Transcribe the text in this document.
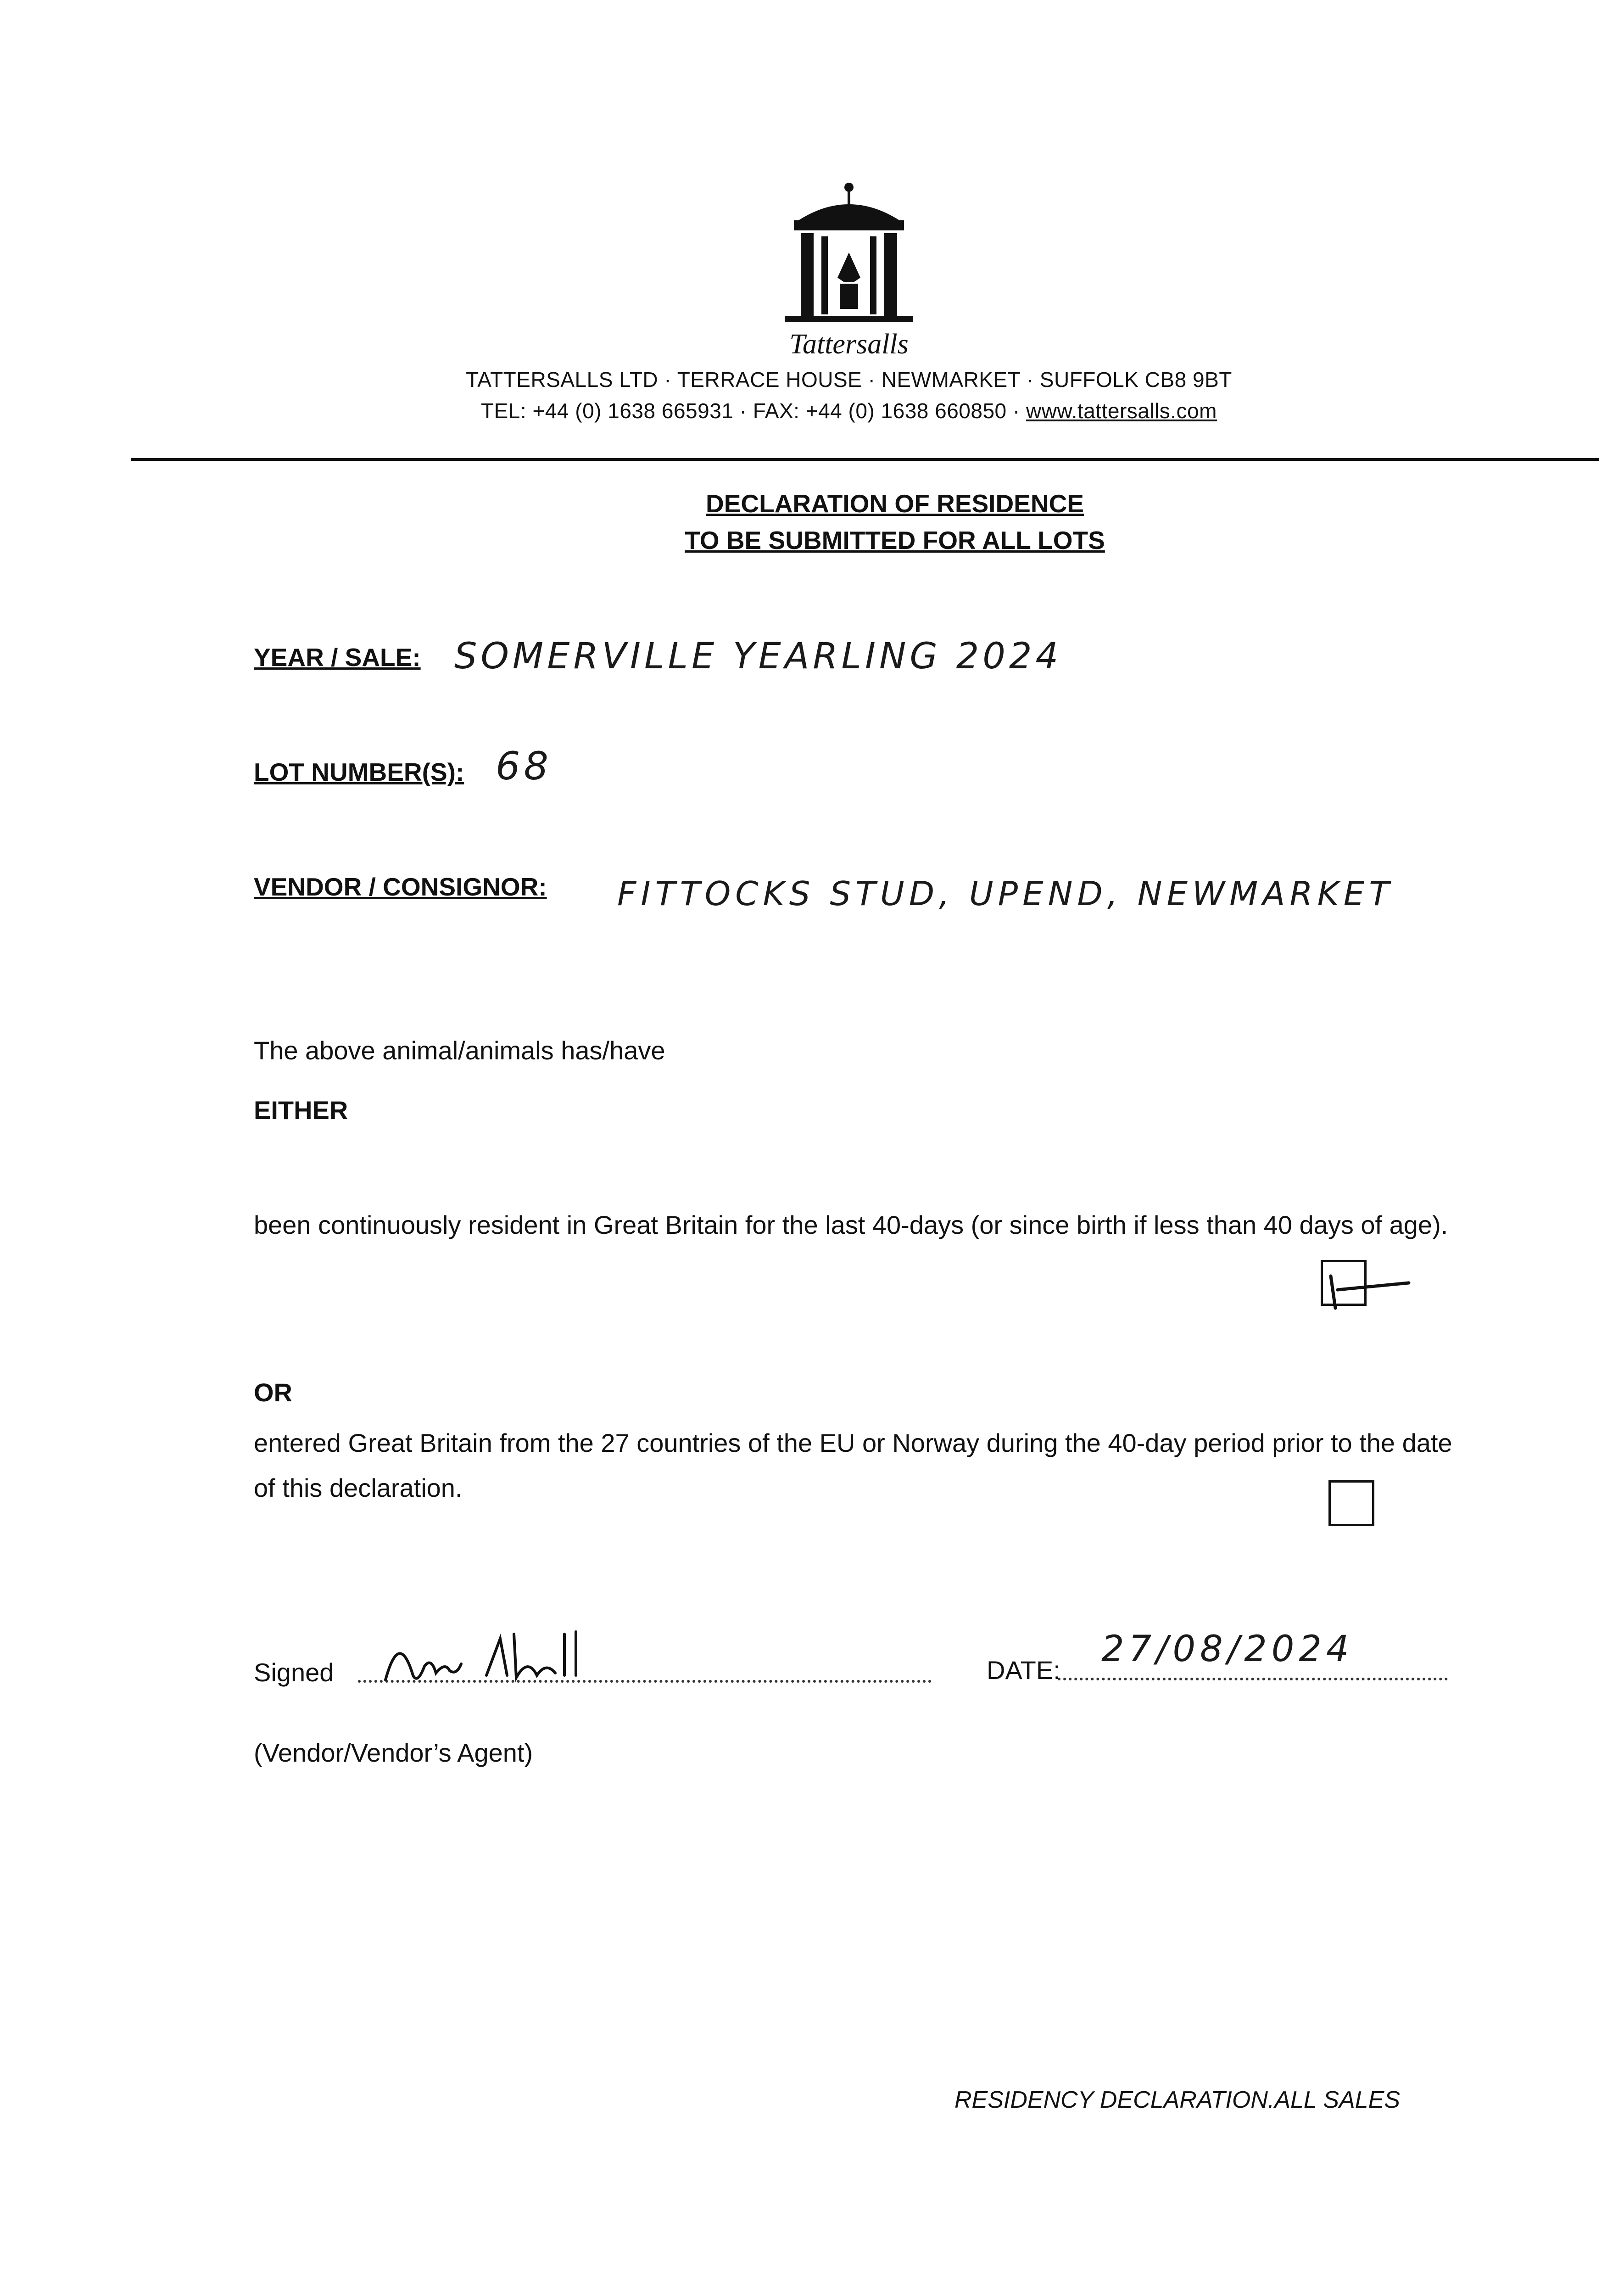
Tattersalls
TATTERSALLS LTD · TERRACE HOUSE · NEWMARKET · SUFFOLK CB8 9BT
TEL: +44 (0) 1638 665931 · FAX: +44 (0) 1638 660850 · www.tattersalls.com
DECLARATION OF RESIDENCE
TO BE SUBMITTED FOR ALL LOTS
YEAR / SALE: SOMERVILLE YEARLING 2024
LOT NUMBER(S): 68
VENDOR / CONSIGNOR: FITTOCKS STUD, UPEND, NEWMARKET
The above animal/animals has/have
EITHER
been continuously resident in Great Britain for the last 40-days (or since birth if less than 40 days of age).
OR
entered Great Britain from the 27 countries of the EU or Norway during the 40-day period prior to the date of this declaration.
Signed
(Vendor/Vendor’s Agent)
DATE:
27/08/2024
RESIDENCY DECLARATION.ALL SALES
